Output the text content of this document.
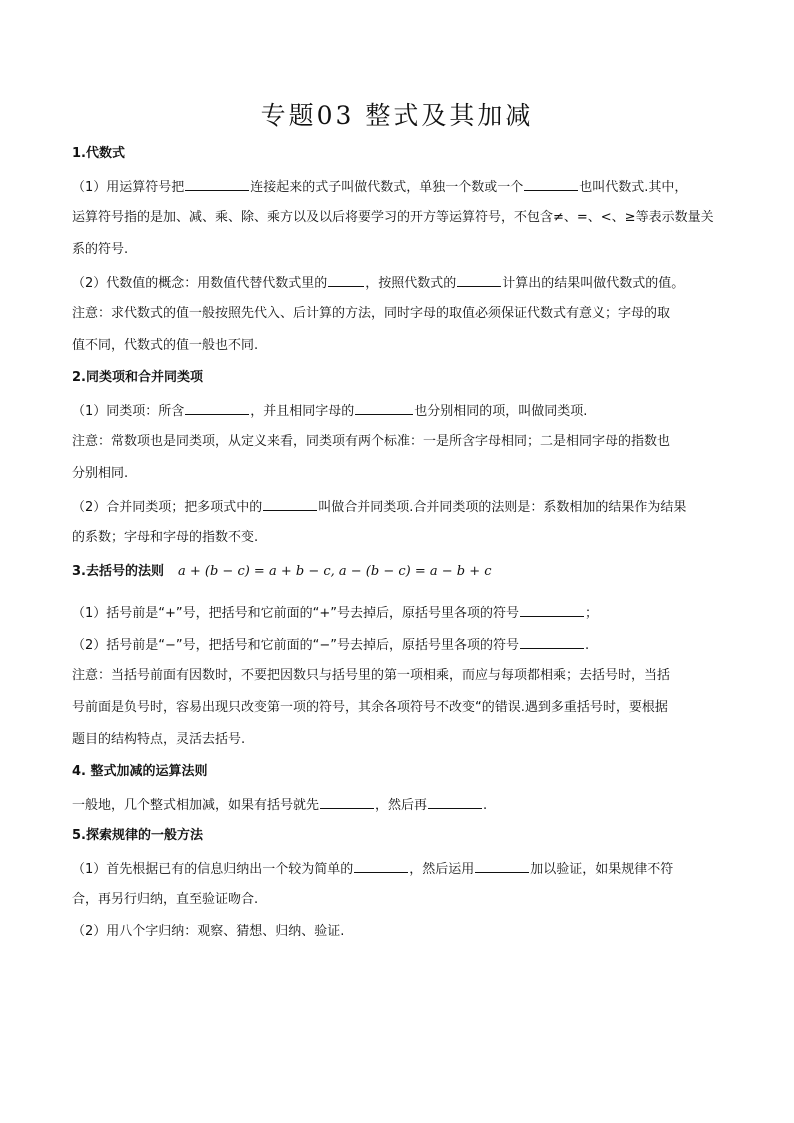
专题03 整式及其加减
1.代数式
（1）用运算符号把	连接起来的式子叫做代数式，单独一个数或一个	也叫代数式.其中，
运算符号指的是加、减、乘、除、乘方以及以后将要学习的开方等运算符号，不包含≠、=、<、≥等表示数量关
系的符号.
（2）代数值的概念：用数值代替代数式里的	，按照代数式的	计算出的结果叫做代数式的值。
注意：求代数式的值一般按照先代入、后计算的方法，同时字母的取值必须保证代数式有意义；字母的取
值不同，代数式的值一般也不同.
2.同类项和合并同类项
（1）同类项：所含	，并且相同字母的	也分别相同的项，叫做同类项.
注意：常数项也是同类项，从定义来看，同类项有两个标准：一是所含字母相同；二是相同字母的指数也
分别相同.
（2）合并同类项；把多项式中的	叫做合并同类项.合并同类项的法则是：系数相加的结果作为结果
的系数；字母和字母的指数不变.
3.去括号的法则 a + (b − c) = a + b − c, a − (b − c) = a − b + c
（1）括号前是“+”号，把括号和它前面的“+”号去掉后，原括号里各项的符号	；
（2）括号前是“−”号，把括号和它前面的“−”号去掉后，原括号里各项的符号	.
注意：当括号前面有因数时，不要把因数只与括号里的第一项相乘，而应与每项都相乘；去括号时，当括
号前面是负号时，容易出现只改变第一项的符号，其余各项符号不改变“的错误.遇到多重括号时，要根据
题目的结构特点，灵活去括号.
4. 整式加减的运算法则
一般地，几个整式相加减，如果有括号就先	，然后再	.
5.探索规律的一般方法
（1）首先根据已有的信息归纳出一个较为简单的	，然后运用	加以验证，如果规律不符
合，再另行归纳，直至验证吻合.
（2）用八个字归纳：观察、猜想、归纳、验证.
